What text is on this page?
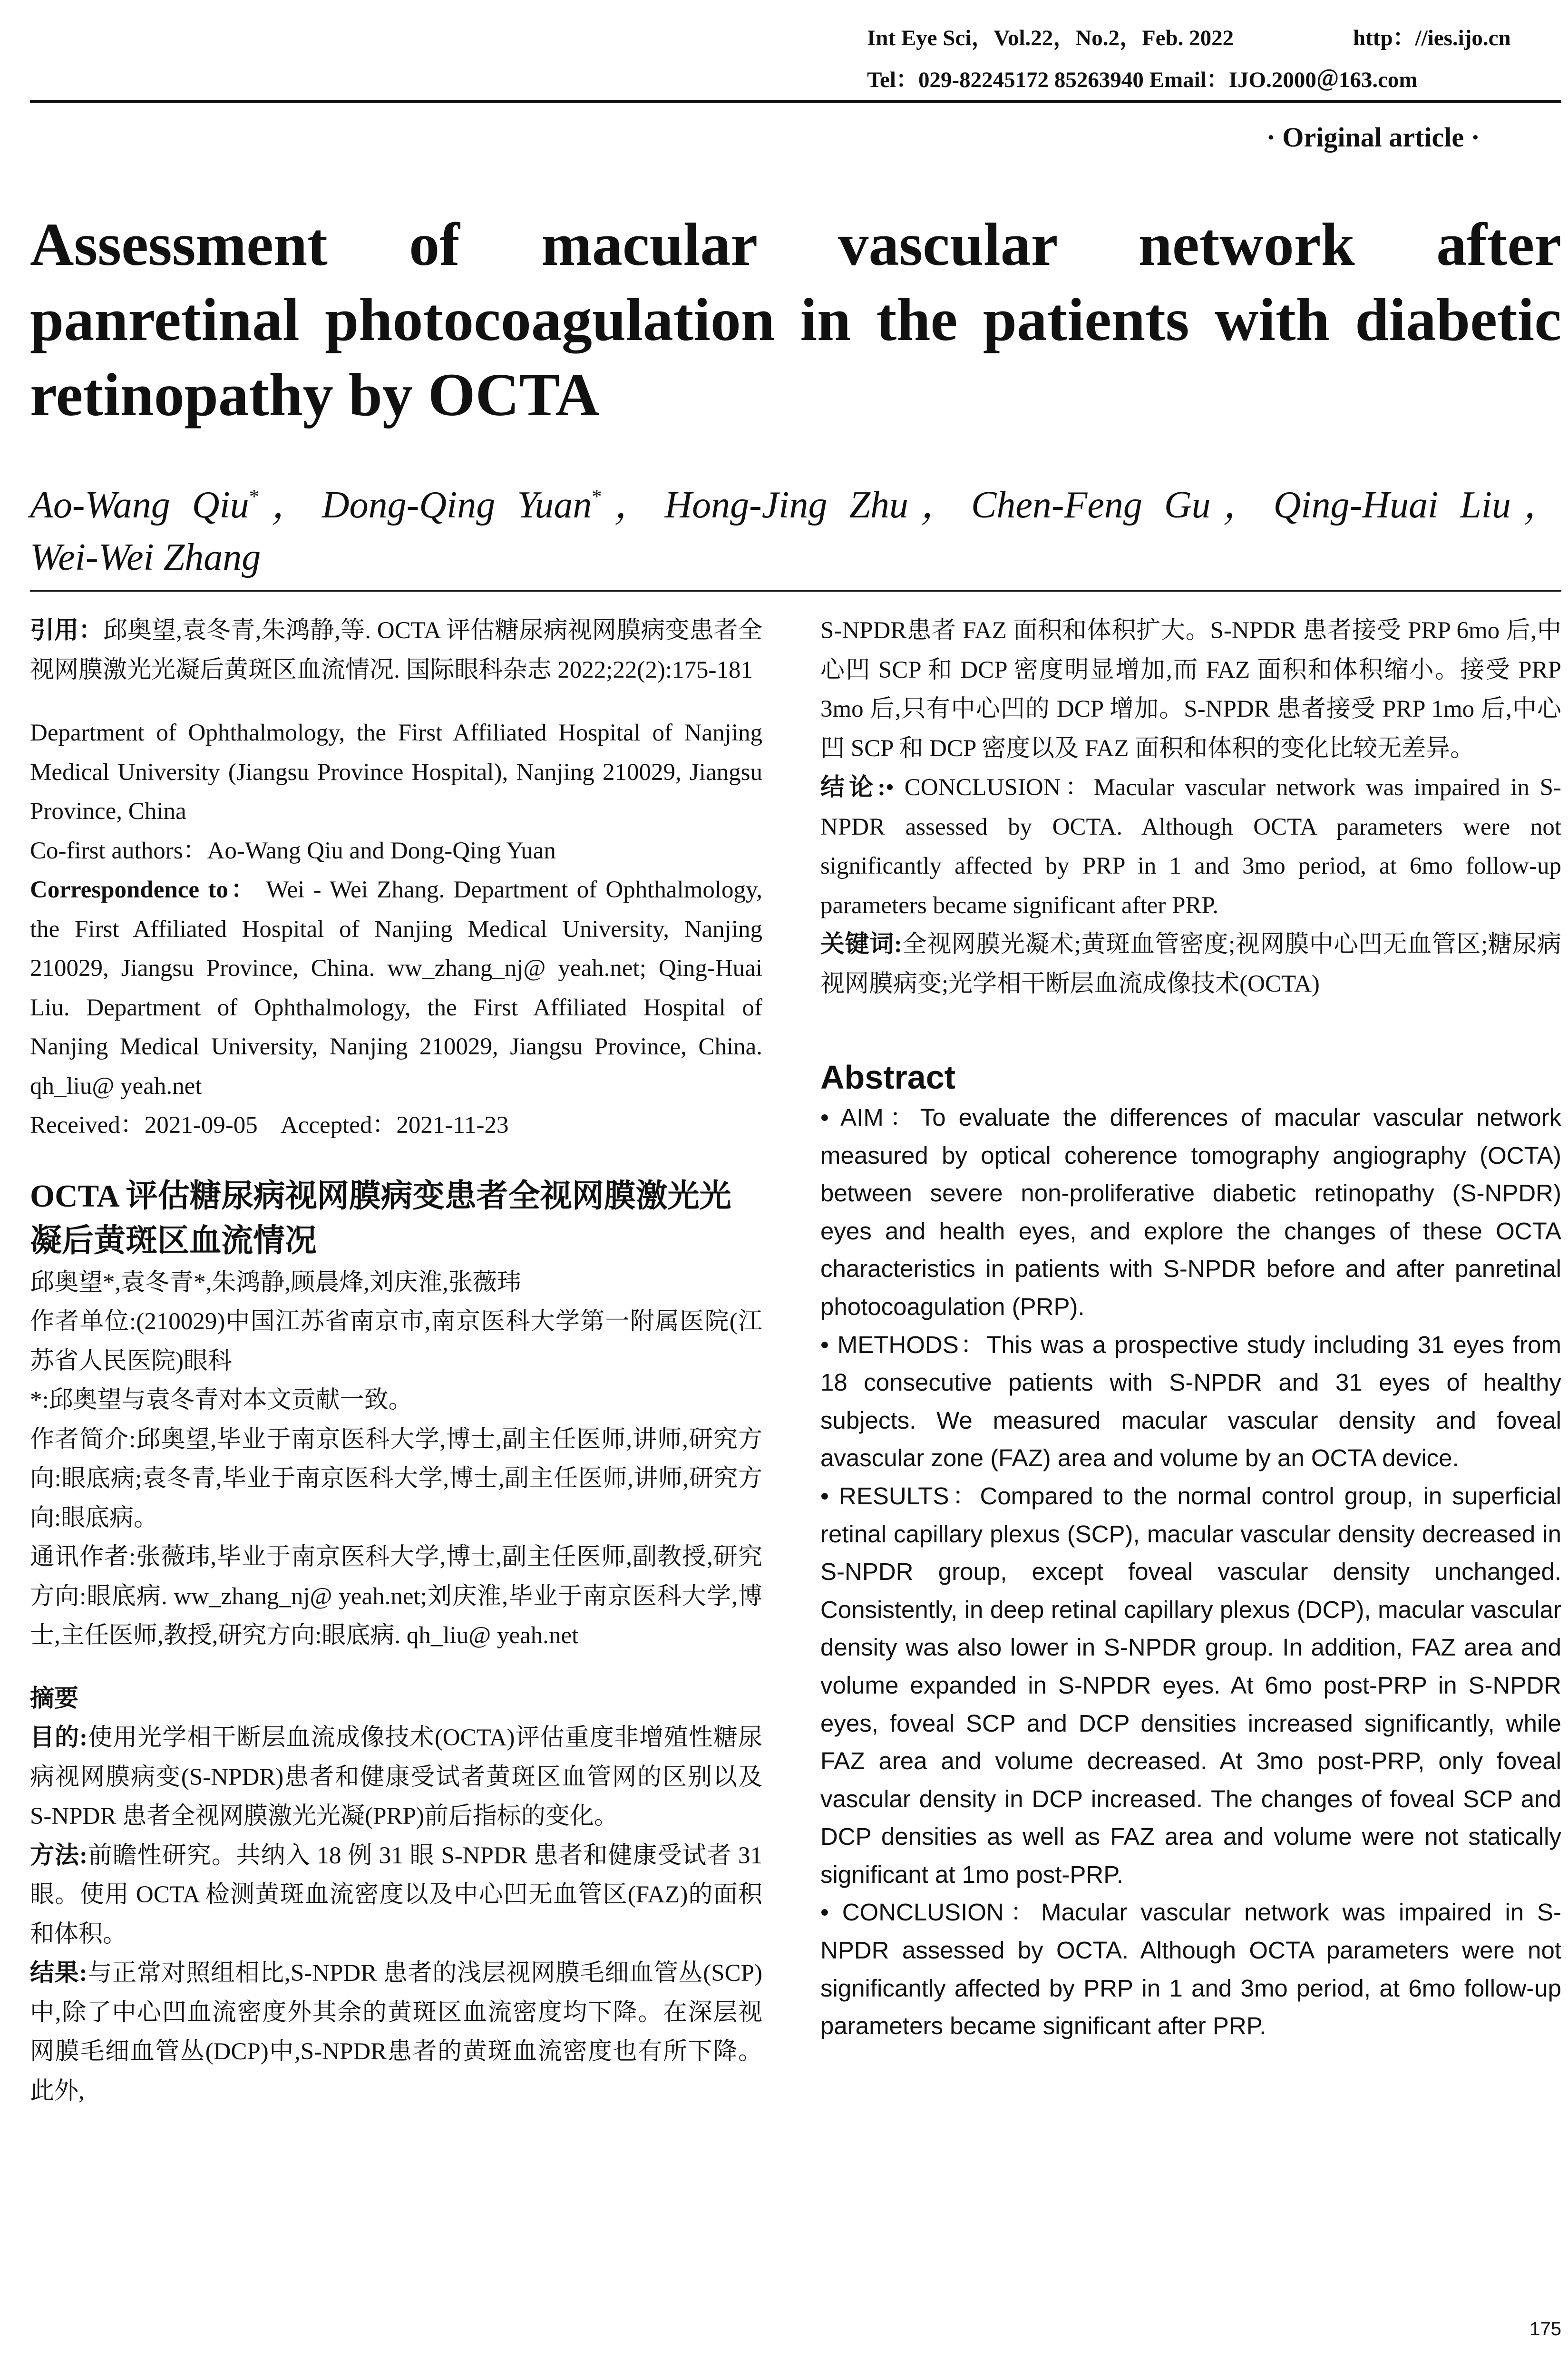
Int Eye Sci，Vol.22，No.2，Feb. 2022	http：//ies.ijo.cn
Tel：029-82245172 85263940 Email：IJO.2000＠163.com
· Original article ·
Assessment of macular vascular network after
panretinal photocoagulation in the patients with diabetic
retinopathy by OCTA
Ao-Wang Qiu*，Dong-Qing Yuan*，Hong-Jing Zhu，Chen-Feng Gu，Qing-Huai Liu，
Wei-Wei Zhang

引用：邱奥望,袁冬青,朱鸿静,等. OCTA 评估糖尿病视网膜病变患者全视网膜激光光凝后黄斑区血流情况. 国际眼科杂志 2022;22(2):175-181

Department of Ophthalmology, the First Affiliated Hospital of Nanjing Medical University (Jiangsu Province Hospital), Nanjing 210029, Jiangsu Province, China

Co-first authors：Ao-Wang Qiu and Dong-Qing Yuan

Correspondence to： Wei - Wei Zhang. Department of Ophthalmology, the First Affiliated Hospital of Nanjing Medical University, Nanjing 210029, Jiangsu Province, China. ww_zhang_nj@ yeah.net; Qing-Huai Liu. Department of Ophthalmology, the First Affiliated Hospital of Nanjing Medical University, Nanjing 210029, Jiangsu Province, China. qh_liu@ yeah.net

Received：2021-09-05    Accepted：2021-11-23

OCTA 评估糖尿病视网膜病变患者全视网膜激光光凝后黄斑区血流情况

邱奥望*,袁冬青*,朱鸿静,顾晨烽,刘庆淮,张薇玮

作者单位:(210029)中国江苏省南京市,南京医科大学第一附属医院(江苏省人民医院)眼科

*:邱奥望与袁冬青对本文贡献一致。

作者简介:邱奥望,毕业于南京医科大学,博士,副主任医师,讲师,研究方向:眼底病;袁冬青,毕业于南京医科大学,博士,副主任医师,讲师,研究方向:眼底病。

通讯作者:张薇玮,毕业于南京医科大学,博士,副主任医师,副教授,研究方向:眼底病. ww_zhang_nj@ yeah.net;刘庆淮,毕业于南京医科大学,博士,主任医师,教授,研究方向:眼底病. qh_liu@ yeah.net

摘要

目的:使用光学相干断层血流成像技术(OCTA)评估重度非增殖性糖尿病视网膜病变(S-NPDR)患者和健康受试者黄斑区血管网的区别以及 S-NPDR 患者全视网膜激光光凝(PRP)前后指标的变化。

方法:前瞻性研究。共纳入 18 例 31 眼 S-NPDR 患者和健康受试者 31 眼。使用 OCTA 检测黄斑血流密度以及中心凹无血管区(FAZ)的面积和体积。

结果:与正常对照组相比,S-NPDR 患者的浅层视网膜毛细血管丛(SCP)中,除了中心凹血流密度外其余的黄斑区血流密度均下降。在深层视网膜毛细血管丛(DCP)中,S-NPDR患者的黄斑血流密度也有所下降。此外,

S-NPDR患者 FAZ 面积和体积扩大。S-NPDR 患者接受 PRP 6mo 后,中心凹 SCP 和 DCP 密度明显增加,而 FAZ 面积和体积缩小。接受 PRP 3mo 后,只有中心凹的 DCP 增加。S-NPDR 患者接受 PRP 1mo 后,中心凹 SCP 和 DCP 密度以及 FAZ 面积和体积的变化比较无差异。

结论:• CONCLUSION：Macular vascular network was impaired in S-NPDR assessed by OCTA. Although OCTA parameters were not significantly affected by PRP in 1 and 3mo period, at 6mo follow-up parameters became significant after PRP.

关键词:全视网膜光凝术;黄斑血管密度;视网膜中心凹无血管区;糖尿病视网膜病变;光学相干断层血流成像技术(OCTA)

Abstract

• AIM：To evaluate the differences of macular vascular network measured by optical coherence tomography angiography (OCTA) between severe non-proliferative diabetic retinopathy (S-NPDR) eyes and health eyes, and explore the changes of these OCTA characteristics in patients with S-NPDR before and after panretinal photocoagulation (PRP).

• METHODS：This was a prospective study including 31 eyes from 18 consecutive patients with S-NPDR and 31 eyes of healthy subjects. We measured macular vascular density and foveal avascular zone (FAZ) area and volume by an OCTA device.

• RESULTS：Compared to the normal control group, in superficial retinal capillary plexus (SCP), macular vascular density decreased in S-NPDR group, except foveal vascular density unchanged. Consistently, in deep retinal capillary plexus (DCP), macular vascular density was also lower in S-NPDR group. In addition, FAZ area and volume expanded in S-NPDR eyes. At 6mo post-PRP in S-NPDR eyes, foveal SCP and DCP densities increased significantly, while FAZ area and volume decreased. At 3mo post-PRP, only foveal vascular density in DCP increased. The changes of foveal SCP and DCP densities as well as FAZ area and volume were not statically significant at 1mo post-PRP.

• CONCLUSION：Macular vascular network was impaired in S-NPDR assessed by OCTA. Although OCTA parameters were not significantly affected by PRP in 1 and 3mo period, at 6mo follow-up parameters became significant after PRP.

175
